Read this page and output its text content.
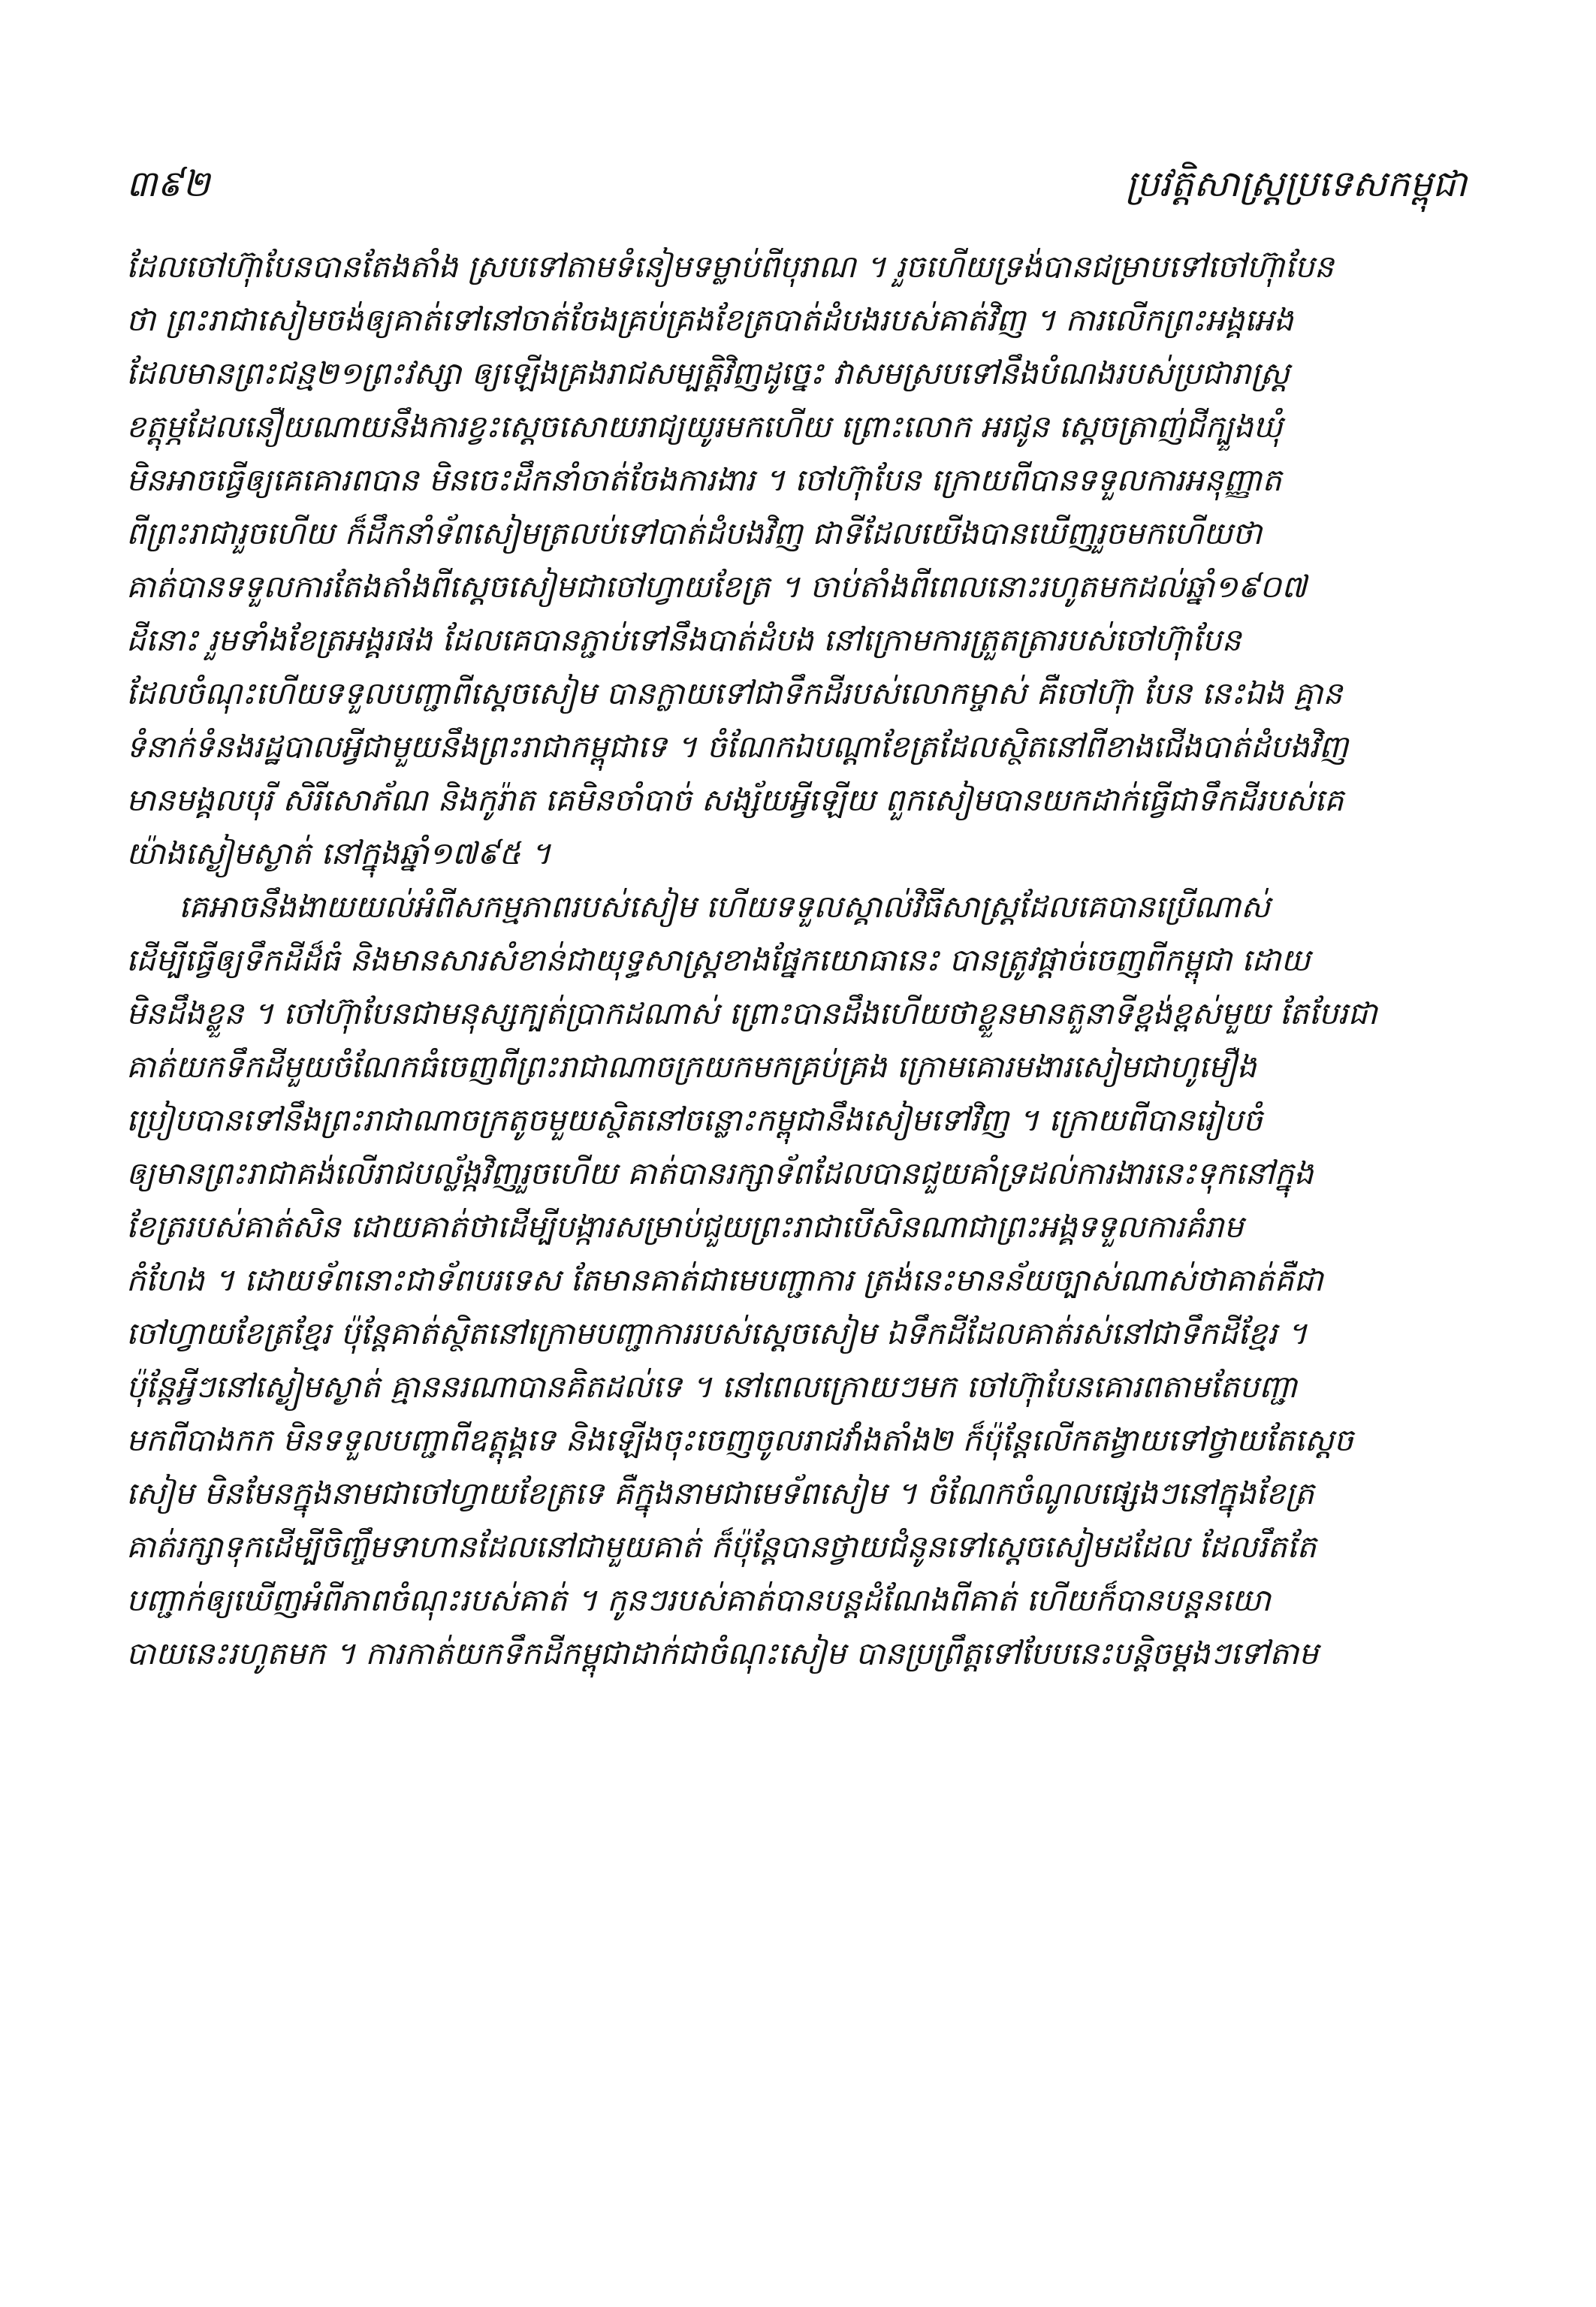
៣៩២	ប្រវត្តិសាស្ត្រប្រទេសកម្ពុជា
ដែលចៅហ៊ុាបែនបានតែងតាំង ស្របទៅតាមទំនៀមទម្លាប់ពីបុរាណ ។ រួចហើយទ្រង់បានជម្រាបទៅចៅហ៊ុាបែន
ថា ព្រះរាជាសៀមចង់ឲ្យគាត់ទៅនៅចាត់ចែងគ្រប់គ្រងខែត្របាត់ដំបងរបស់គាត់វិញ ។ ការលើកព្រះអង្គអេង
ដែលមានព្រះជន្ម២១ព្រះវស្សា ឲ្យឡើងគ្រងរាជសម្បត្តិវិញដូច្នេះ វាសមស្របទៅនឹងបំណងរបស់ប្រជារាស្ត្រ
ខត្តុម្ភដែលនឿយណាយនឹងការខ្វះស្តេចសោយរាជ្យយូរមកហើយ ព្រោះលោក អរជូន ស្តេចត្រាញ់ជីក្បួងឃុំ
មិនអាចធ្វើឲ្យគេគោរពបាន មិនចេះដឹកនាំចាត់ចែងការងារ ។ ចៅហ៊ុាបែន ក្រោយពីបានទទួលការអនុញ្ញាត
ពីព្រះរាជារួចហើយ ក៏ដឹកនាំទ័ពសៀមត្រលប់ទៅបាត់ដំបងវិញ ជាទីដែលយើងបានឃើញរួចមកហើយថា
គាត់បានទទួលការតែងតាំងពីស្តេចសៀមជាចៅហ្វាយខែត្រ ។ ចាប់តាំងពីពេលនោះរហូតមកដល់ឆ្នាំ១៩០៧
ដីនោះ រួមទាំងខែត្រអង្គរផង ដែលគេបានភ្ជាប់ទៅនឹងបាត់ដំបង នៅក្រោមការត្រួតត្រារបស់ចៅហ៊ុាបែន
ដែលចំណុះហើយទទួលបញ្ជាពីស្តេចសៀម បានក្លាយទៅជាទឹកដីរបស់លោកម្ចាស់ គឺចៅហ៊ុា បែន នេះឯង គ្មាន
ទំនាក់ទំនងរដ្ឋបាលអ្វីជាមួយនឹងព្រះរាជាកម្ពុជាទេ ។ ចំណែកឯបណ្តាខែត្រដែលស្ថិតនៅពីខាងជើងបាត់ដំបងវិញ
មានមង្គលបុរី សិរីសោភ័ណ និងកូរ៉ាត គេមិនចាំបាច់ សង្ស័យអ្វីឡើយ ពួកសៀមបានយកដាក់ធ្វើជាទឹកដីរបស់គេ
យ៉ាងស្ងៀមស្ងាត់ នៅក្នុងឆ្នាំ១៧៩៥ ។
គេអាចនឹងងាយយល់អំពីសកម្មភាពរបស់សៀម ហើយទទួលស្គាល់វិធីសាស្ត្រដែលគេបានប្រើណាស់
ដើម្បីធ្វើឲ្យទឹកដីដ៏ធំ និងមានសារសំខាន់ជាយុទ្ធសាស្ត្រខាងផ្នែកយោធានេះ បានត្រូវផ្តាច់ចេញពីកម្ពុជា ដោយ
មិនដឹងខ្លួន ។ ចៅហ៊ុាបែនជាមនុស្សក្បត់ប្រាកដណាស់ ព្រោះបានដឹងហើយថាខ្លួនមានតួនាទីខ្ពង់ខ្ពស់មួយ តែបែរជា
គាត់យកទឹកដីមួយចំណែកធំចេញពីព្រះរាជាណាចក្រយកមកគ្រប់គ្រង ក្រោមគោរមងារសៀមជាហូមឿង
ប្រៀបបានទៅនឹងព្រះរាជាណាចក្រតូចមួយស្ថិតនៅចន្លោះកម្ពុជានឹងសៀមទៅវិញ ។ ក្រោយពីបានរៀបចំ
ឲ្យមានព្រះរាជាគង់លើរាជបល្ល័ង្កវិញរួចហើយ គាត់បានរក្សាទ័ពដែលបានជួយគាំទ្រដល់ការងារនេះទុកនៅក្នុង
ខែត្ររបស់គាត់សិន ដោយគាត់ថាដើម្បីបង្ការសម្រាប់ជួយព្រះរាជាបើសិនណាជាព្រះអង្គទទួលការគំរាម
កំហែង ។ ដោយទ័ពនោះជាទ័ពបរទេស តែមានគាត់ជាមេបញ្ជាការ ត្រង់នេះមានន័យច្បាស់ណាស់ថាគាត់គឺជា
ចៅហ្វាយខែត្រខ្មែរ ប៉ុន្តែគាត់ស្ថិតនៅក្រោមបញ្ជាការរបស់ស្តេចសៀម ឯទឹកដីដែលគាត់រស់នៅជាទឹកដីខ្មែរ ។
ប៉ុន្តែអ្វីៗនៅស្ងៀមស្ងាត់ គ្មាននរណាបានគិតដល់ទេ ។ នៅពេលក្រោយៗមក ចៅហ៊ុាបែនគោរពតាមតែបញ្ជា
មកពីបាងកក មិនទទួលបញ្ជាពីឧត្តុង្គទេ និងឡើងចុះចេញចូលរាជវាំងតាំង២ ក៏ប៉ុន្តែលើកតង្វាយទៅថ្វាយតែស្តេច
សៀម មិនមែនក្នុងនាមជាចៅហ្វាយខែត្រទេ គឺក្នុងនាមជាមេទ័ពសៀម ។ ចំណែកចំណូលផ្សេងៗនៅក្នុងខែត្រ
គាត់រក្សាទុកដើម្បីចិញ្ចឹមទាហានដែលនៅជាមួយគាត់ ក៏ប៉ុន្តែបានថ្វាយជំនូនទៅស្តេចសៀមដដែល ដែលរឹតតែ
បញ្ជាក់ឲ្យឃើញអំពីភាពចំណុះរបស់គាត់ ។ កូនៗរបស់គាត់បានបន្តដំណែងពីគាត់ ហើយក៏បានបន្តនយោ
បាយនេះរហូតមក ។ ការកាត់យកទឹកដីកម្ពុជាដាក់ជាចំណុះសៀម បានប្រព្រឹត្តទៅបែបនេះបន្តិចម្តងៗទៅតាម
